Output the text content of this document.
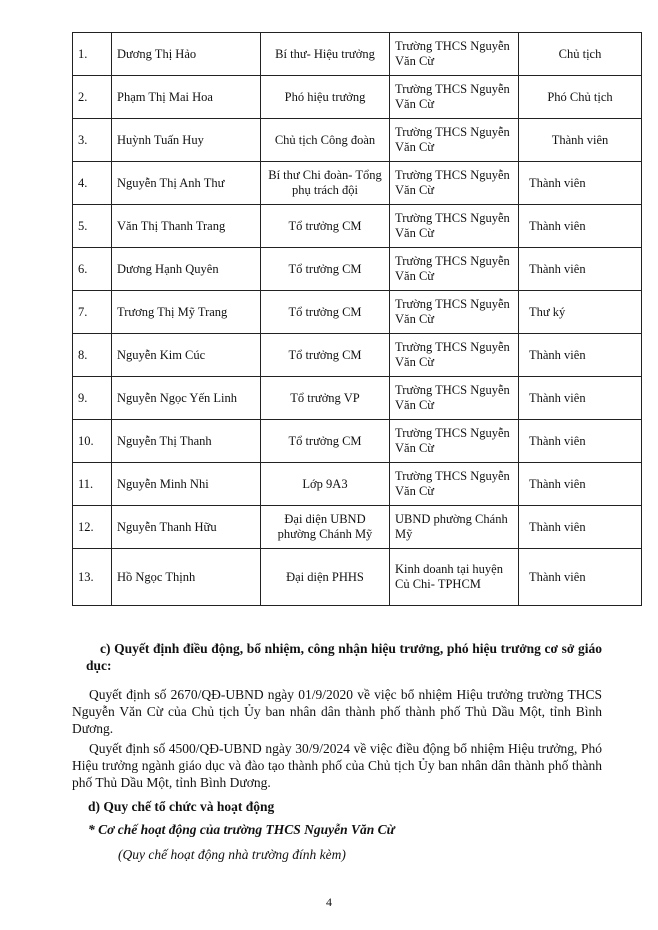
1.	Dương Thị Hảo	Bí thư- Hiệu trưởng	Trường THCS Nguyễn Văn Cừ	Chủ tịch
2.	Phạm Thị Mai Hoa	Phó hiệu trưởng	Trường THCS Nguyễn Văn Cừ	Phó Chủ tịch
3.	Huỳnh Tuấn Huy	Chủ tịch Công đoàn	Trường THCS Nguyễn Văn Cừ	Thành viên
4.	Nguyễn Thị Anh Thư	Bí thư Chi đoàn- Tổng phụ trách đội	Trường THCS Nguyễn Văn Cừ	Thành viên
5.	Văn Thị Thanh Trang	Tổ trưởng CM	Trường THCS Nguyễn Văn Cừ	Thành viên
6.	Dương Hạnh Quyên	Tổ trưởng CM	Trường THCS Nguyễn Văn Cừ	Thành viên
7.	Trương Thị Mỹ Trang	Tổ trưởng CM	Trường THCS Nguyễn Văn Cừ	Thư ký
8.	Nguyễn Kim Cúc	Tổ trưởng CM	Trường THCS Nguyễn Văn Cừ	Thành viên
9.	Nguyễn Ngọc Yến Linh	Tổ trưởng VP	Trường THCS Nguyễn Văn Cừ	Thành viên
10.	Nguyễn Thị Thanh	Tổ trưởng CM	Trường THCS Nguyễn Văn Cừ	Thành viên
11.	Nguyễn Minh Nhi	Lớp 9A3	Trường THCS Nguyễn Văn Cừ	Thành viên
12.	Nguyễn Thanh Hữu	Đại diện UBND phường Chánh Mỹ	UBND phường Chánh Mỹ	Thành viên
13.	Hồ Ngọc Thịnh	Đại diện PHHS	Kinh doanh tại huyện Củ Chi- TPHCM	Thành viên
c) Quyết định điều động, bổ nhiệm, công nhận hiệu trưởng, phó hiệu trưởng cơ sở giáo dục:
Quyết định số 2670/QĐ-UBND ngày 01/9/2020 về việc bổ nhiệm Hiệu trưởng trường THCS Nguyễn Văn Cừ của Chủ tịch Ủy ban nhân dân thành phố thành phố Thủ Dầu Một, tỉnh Bình Dương.
Quyết định số 4500/QĐ-UBND ngày 30/9/2024 về việc điều động bổ nhiệm Hiệu trưởng, Phó Hiệu trưởng ngành giáo dục và đào tạo thành phố của Chủ tịch Ủy ban nhân dân thành phố thành phố Thủ Dầu Một, tỉnh Bình Dương.
d) Quy chế tổ chức và hoạt động
* Cơ chế hoạt động của trường THCS Nguyễn Văn Cừ
(Quy chế hoạt động nhà trường đính kèm)
4
